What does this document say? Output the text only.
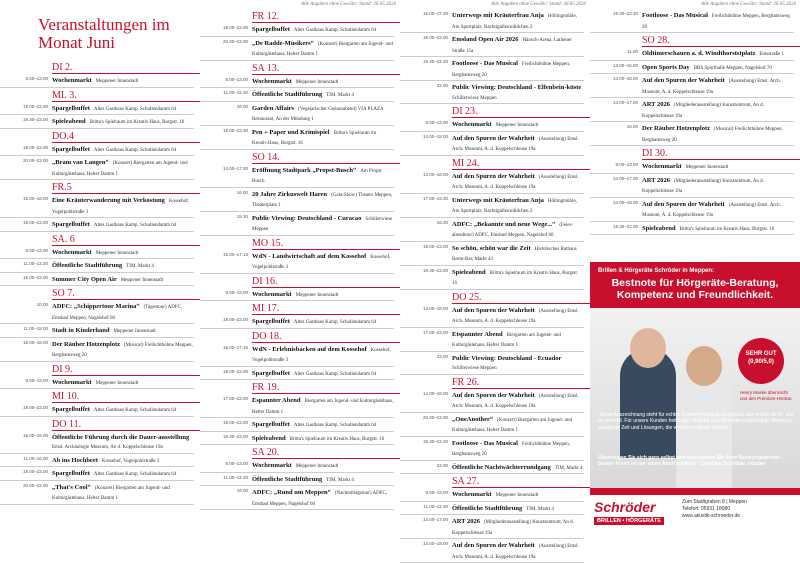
Veranstaltungen im Monat Juni
DI 2.
8.00–13.00 Wochenmarkt Meppener Innenstadt
MI. 3.
19.00–22.00 Spargelbuffet Altes Gasthaus Kamp, Schullendamm 64
19.30–22.00 Spieleabend Britta's Spielraum im Kreativ.Haus, Burgstr. 16
DO.4
19.00–22.00 Spargelbuffet Altes Gasthaus Kamp, Schullendamm 64
20.00–22.00 „Bram van Langen“ (Konzert) Biergarten am Jugend- und Kulturgästehaus, Helter Damm 1
FR.5
15.00–18.00 Eine Kräuterwanderung mit Verkostung Kossehof, Vogelpohlstraße 3
19.00–22.00 Spargelbuffet Altes Gasthaus Kamp, Schullendamm 64
SA. 6
8.00–13.00 Wochenmarkt Meppener Innenstadt
11.00–12.30 Öffentliche Stadtführung TIM, Markt 4
19.00–23.00 Summer City Open Air Meppener Innenstadt
SO 7.
10.00 ADFC: „Schippertour Marina“ (Tagestour) ADFC, Emsbad Meppen, Nagelshof 60
11.00–18.00 Stadt in Kinderhand Meppener Innenstadt
16.00–18.00 Der Räuber Hotzenplotz (Musical) Freilichtbühne Meppen, Berghamsweg 20
DI 9.
8.00–13.00 Wochenmarkt Meppener Innenstadt
MI 10.
19.00–22.00 Spargelbuffet Altes Gasthaus Kamp, Schullendamm 64
DO 11.
15.00–16.00 Öffentliche Führung durch die Dauer-ausstellung Emsl. Archäologie Museum, An d. Koppelschleuse 19a
11.00–16.00 Ab ins Hochbeet Kossehof, Vogelpohlstraße 3
19.00–22.00 Spargelbuffet Altes Gasthaus Kamp, Schullendamm 64
20.00–22.00 „That's Cool“ (Konzert) Biergarten am Jugend- und Kulturgästehaus, Helter Damm 1
Alle Angaben ohne Gewähr; Stand: 28.05.2026
FR 12.
19.00–22.00 Spargelbuffet Altes Gasthaus Kamp, Schullendamm 64
20.00–22.00 „De Radde-Musikers“ (Konzert) Biergarten am Jugend- und Kulturgästehaus, Helter Damm 1
SA 13.
8.00–13.00 Wochenmarkt Meppener Innenstadt
11.00–12.30 Öffentliche Stadtführung TIM, Markt 4
18.00 Garden Affairs (Vegetarischer Genussabend) VIA PLAZA Restaurant, An der Mündung 1
18.00–23.30 Pen + Paper und Krimispiel Britta's Spielraum im Kreativ.Haus, Burgstr. 16
SO 14.
14.00–17.00 Eröffnung Stadtpark „Propst-Busch“ Am Propst Busch
16.00 20 Jahre Zirkuswelt Haren (Gala-Show) Theater Meppen, Theaterplatz 1
19.30 Public Viewing: Deutschland - Curacao Schillerwiese Meppen
MO 15.
15.00–17.15 WdN - Landwirtschaft auf dem Kossehof Kossehof, Vogelpohlstraße 3
DI 16.
8.00–13.00 Wochenmarkt Meppener Innenstadt
MI 17.
19.00–22.00 Spargelbuffet Altes Gasthaus Kamp, Schullendamm 64
DO 18.
15.00–17.15 WdN - Erlebnisbacken auf dem Kossehof Kossehof, Vogelpohlstraße 3
19.00–22.00 Spargelbuffet Altes Gasthaus Kamp, Schullendamm 64
FR 19.
17.00–22.00 Espannter Abend Biergarten am Jugend- und Kulturgästehaus, Helter Damm 1
19.00–22.00 Spargelbuffet Altes Gasthaus Kamp, Schullendamm 64
19.30–22.00 Spieleabend Britta's Spielraum im Kreativ.Haus, Burgstr. 16
SA 20.
8.00–13.00 Wochenmarkt Meppener Innenstadt
11.00–12.30 Öffentliche Stadtführung TIM, Markt 4
19.00 ADFC: „Rund um Meppen“ (Nachmittagstour) ADFC, Emsbad Meppen, Nagelshof 60
Alle Angaben ohne Gewähr; Stand: 28.05.2026
15.00–17.30 Unterwegs mit Kräuterfrau Anja Höltingmühle, Am Sportplatz, Nachtigallenwäldchen 2
18.00–23.00 Emsland Open Air 2026 Hänsch-Arena, Lathener Straße 15a
19.30–22.30 Footloose - Das Musical Freilichtbühne Meppen, Berghamsweg 20
22.00 Public Viewing: Deutschland - Elfenbein-küste Schillerwiese Meppen
DI 23.
8.00–13.00 Wochenmarkt Meppener Innenstadt
14.00–18.00 Auf den Spuren der Wahrheit (Ausstellung) Emsl. Arch. Museum, A. d. Koppelschleuse 19a
MI 24.
14.00–18.00 Auf den Spuren der Wahrheit (Ausstellung) Emsl. Arch. Museum, A. d. Koppelschleuse 19a
17.00–19.30 Unterwegs mit Kräuterfrau Anja Höltingmühle, Am Sportplatz, Nachtigallenwäldchen 2
18.30 ADFC: „Bekannte und neue Wege...“ (Feier-abendtour) ADFC, Emsbad Meppen, Nagelshof 60
19.00–23.00 So schön, schön war die Zeit Historisches Rathaus Resto-Bar, Markt 43
19.30–22.00 Spieleabend Britta's Spielraum im Kreativ.Haus, Burgstr. 16
DO 25.
14.00–18.00 Auf den Spuren der Wahrheit (Ausstellung) Emsl. Arch. Museum, A. d. Koppelschleuse 19a
17.00–22.00 Etspannter Abend Biergarten am Jugend- und Kulturgästehaus, Helter Damm 1
22.00 Public Viewing: Deutschland - Ecuador Schillerwiese Meppen
FR 26.
14.00–18.00 Auf den Spuren der Wahrheit (Ausstellung) Emsl. Arch. Museum, A. d. Koppelschleuse 19a
20.00–22.00 „OneAnother“ (Konzert) Biergarten am Jugend- und Kulturgästehaus, Helter Damm 1
19.30–22.30 Footloose - Das Musical Freilichtbühne Meppen, Berghamsweg 20
22.00 Öffentliche Nachtwächterrundgang TIM, Markt 4
SA 27.
8.00–13.00 Wochenmarkt Meppener Innenstadt
11.00–12.30 Öffentliche Stadtführung TIM, Markt 4
14.00–17.00 ART 2026 (Mitgliederausstellung) Kunstzentrum, An d. Koppelschleuse 19a
14.00–18.00 Auf den Spuren der Wahrheit (Ausstellung) Emsl. Arch. Museum, A. d. Koppelschleuse 19a
Alle Angaben ohne Gewähr; Stand: 28.05.2026
19.30–22.30 Footloose - Das Musical Freilichtbühne Meppen, Berghamsweg 20
SO 28.
11.00 Oldtimerschauen a. d. Windthorststplatz Emsstraße 1
13.00–16.00 Open Sports Day BBS Sporthalle Meppen, Nagelshof 70
14.00–18.00 Auf den Spuren der Wahrheit (Ausstellung) Emsl. Arch. Museum, A. d. Koppelschleuse 19a
14.00–17.00 ART 2026 (Mitgliederausstellung) Kunstzentrum, An d. Koppelschleuse 19a
16.00 Der Räuber Hotzenplotz (Musical) Freilichtbühne Meppen, Berghamsweg 20
DI 30.
8.00–13.00 Wochenmarkt Meppener Innenstadt
14.00–17.00 ART 2026 (Mitgliederausstellung) Kunstzentrum, An d. Koppelschleuse 19a
14.00–18.00 Auf den Spuren der Wahrheit (Ausstellung) Emsl. Arch. Museum, A. d. Koppelschleuse 19a
19.30–22.00 Spieleabend Britta's Spielraum im Kreativ.Haus, Burgstr. 16
Brillen & Hörgeräte Schröder in Meppen:
Bestnote für Hörgeräte-Beratung, Kompetenz und Freundlichkeit.
SEHR GUT (0,90/5,0)
Henry Maske überreicht uns den Premium-Hörstar.
„Diese Auszeichnung steht für echtes Kundenfeedback und genau das macht sie für uns so wertvoll. Für unsere Kunden heißt das: ehrliche und herstellerunabhängige Beratung, geeignete Zeit und Lösungen, die wirklich zu ihnen passen.
Überzeugen Sie sich gern selbst und vereinbaren Sie Ihren Beratungstermin – besser hören ist nur einen Anruf entfernt.“ Christian Schröder, Inhaber
Schröder
BRILLEN • HÖRGERÄTE
Zum Stadtgraben 8 | Meppen
Telefon: 05931 18080
www.akustik-schroeder.de
